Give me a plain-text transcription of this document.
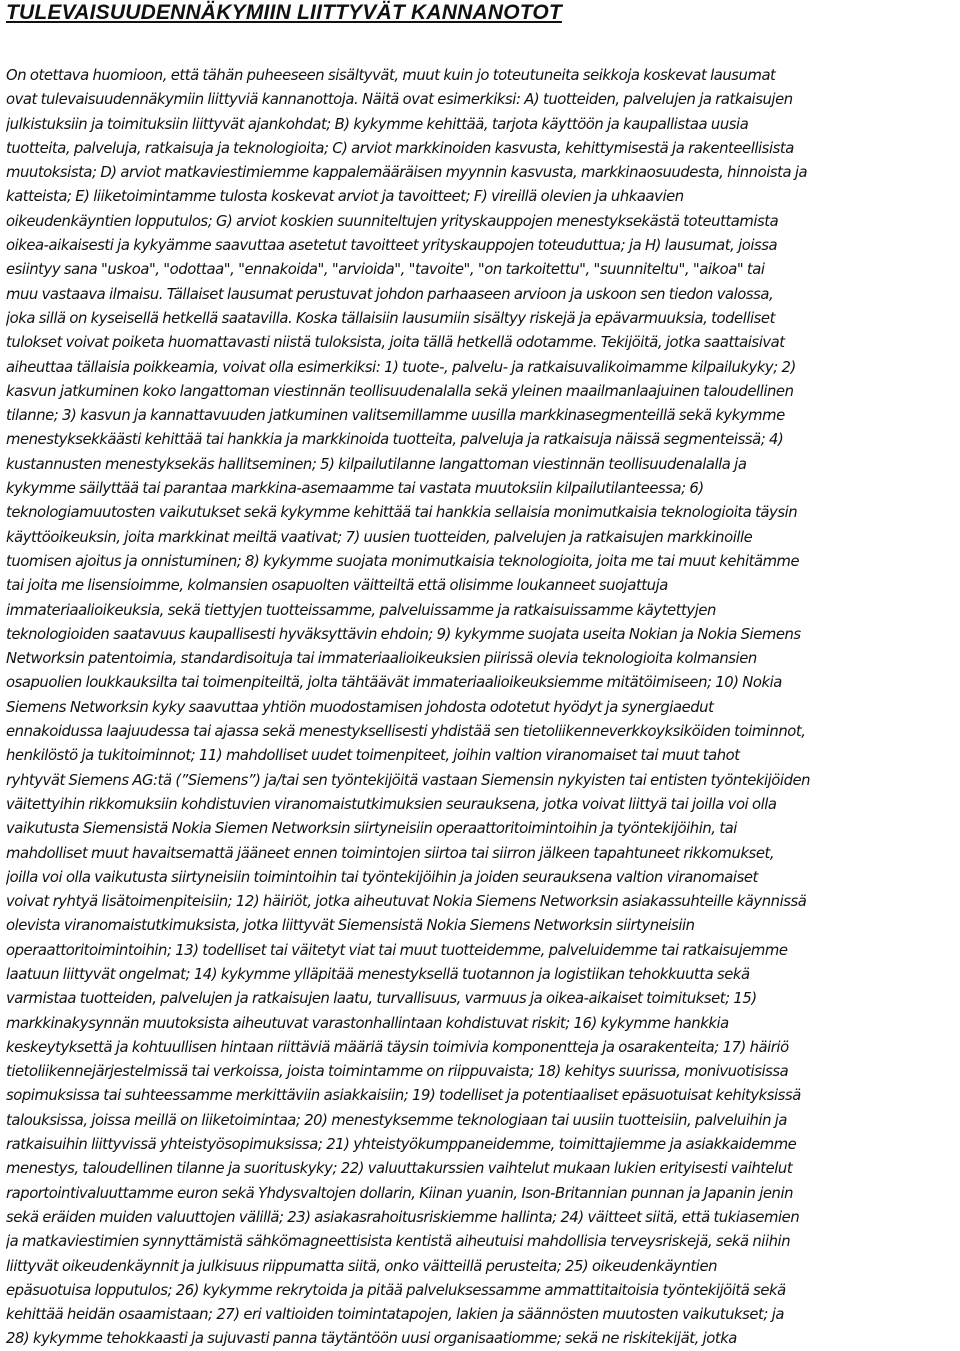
TULEVAISUUDENNÄKYMIIN LIITTYVÄT KANNANOTOT
On otettava huomioon, että tähän puheeseen sisältyvät, muut kuin jo toteutuneita seikkoja koskevat lausumat
ovat tulevaisuudennäkymiin liittyviä kannanottoja. Näitä ovat esimerkiksi: A) tuotteiden, palvelujen ja ratkaisujen
julkistuksiin ja toimituksiin liittyvät ajankohdat; B) kykymme kehittää, tarjota käyttöön ja kaupallistaa uusia
tuotteita, palveluja, ratkaisuja ja teknologioita; C) arviot markkinoiden kasvusta, kehittymisestä ja rakenteellisista
muutoksista; D) arviot matkaviestimiemme kappalemääräisen myynnin kasvusta, markkinaosuudesta, hinnoista ja
katteista; E) liiketoimintamme tulosta koskevat arviot ja tavoitteet; F) vireillä olevien ja uhkaavien
oikeudenkäyntien lopputulos; G) arviot koskien suunniteltujen yrityskauppojen menestyksekästä toteuttamista
oikea-aikaisesti ja kykyämme saavuttaa asetetut tavoitteet yrityskauppojen toteuduttua; ja H) lausumat, joissa
esiintyy sana "uskoa", "odottaa", "ennakoida", "arvioida", "tavoite", "on tarkoitettu", "suunniteltu", "aikoa" tai
muu vastaava ilmaisu. Tällaiset lausumat perustuvat johdon parhaaseen arvioon ja uskoon sen tiedon valossa,
joka sillä on kyseisellä hetkellä saatavilla. Koska tällaisiin lausumiin sisältyy riskejä ja epävarmuuksia, todelliset
tulokset voivat poiketa huomattavasti niistä tuloksista, joita tällä hetkellä odotamme. Tekijöitä, jotka saattaisivat
aiheuttaa tällaisia poikkeamia, voivat olla esimerkiksi: 1) tuote-, palvelu- ja ratkaisuvalikoimamme kilpailukyky; 2)
kasvun jatkuminen koko langattoman viestinnän teollisuudenalalla sekä yleinen maailmanlaajuinen taloudellinen
tilanne; 3) kasvun ja kannattavuuden jatkuminen valitsemillamme uusilla markkinasegmenteillä sekä kykymme
menestyksekkäästi kehittää tai hankkia ja markkinoida tuotteita, palveluja ja ratkaisuja näissä segmenteissä; 4)
kustannusten menestyksekäs hallitseminen; 5) kilpailutilanne langattoman viestinnän teollisuudenalalla ja
kykymme säilyttää tai parantaa markkina-asemaamme tai vastata muutoksiin kilpailutilanteessa; 6)
teknologiamuutosten vaikutukset sekä kykymme kehittää tai hankkia sellaisia monimutkaisia teknologioita täysin
käyttöoikeuksin, joita markkinat meiltä vaativat; 7) uusien tuotteiden, palvelujen ja ratkaisujen markkinoille
tuomisen ajoitus ja onnistuminen; 8) kykymme suojata monimutkaisia teknologioita, joita me tai muut kehitämme
tai joita me lisensioimme, kolmansien osapuolten väitteiltä että olisimme loukanneet suojattuja
immateriaalioikeuksia, sekä tiettyjen tuotteissamme, palveluissamme ja ratkaisuissamme käytettyjen
teknologioiden saatavuus kaupallisesti hyväksyttävin ehdoin; 9) kykymme suojata useita Nokian ja Nokia Siemens
Networksin patentoimia, standardisoituja tai immateriaalioikeuksien piirissä olevia teknologioita kolmansien
osapuolien loukkauksilta tai toimenpiteiltä, jolta tähtäävät immateriaalioikeuksiemme mitätöimiseen; 10) Nokia
Siemens Networksin kyky saavuttaa yhtiön muodostamisen johdosta odotetut hyödyt ja synergiaedut
ennakoidussa laajuudessa tai ajassa sekä menestyksellisesti yhdistää sen tietoliikenneverkkoyksiköiden toiminnot,
henkilöstö ja tukitoiminnot; 11) mahdolliset uudet toimenpiteet, joihin valtion viranomaiset tai muut tahot
ryhtyvät Siemens AG:tä (”Siemens”) ja/tai sen työntekijöitä vastaan Siemensin nykyisten tai entisten työntekijöiden
väitettyihin rikkomuksiin kohdistuvien viranomaistutkimuksien seurauksena, jotka voivat liittyä tai joilla voi olla
vaikutusta Siemensistä Nokia Siemen Networksin siirtyneisiin operaattoritoimintoihin ja työntekijöihin, tai
mahdolliset muut havaitsemattä jääneet ennen toimintojen siirtoa tai siirron jälkeen tapahtuneet rikkomukset,
joilla voi olla vaikutusta siirtyneisiin toimintoihin tai työntekijöihin ja joiden seurauksena valtion viranomaiset
voivat ryhtyä lisätoimenpiteisiin; 12) häiriöt, jotka aiheutuvat Nokia Siemens Networksin asiakassuhteille käynnissä
olevista viranomaistutkimuksista, jotka liittyvät Siemensistä Nokia Siemens Networksin siirtyneisiin
operaattoritoimintoihin; 13) todelliset tai väitetyt viat tai muut tuotteidemme, palveluidemme tai ratkaisujemme
laatuun liittyvät ongelmat; 14) kykymme ylläpitää menestyksellä tuotannon ja logistiikan tehokkuutta sekä
varmistaa tuotteiden, palvelujen ja ratkaisujen laatu, turvallisuus, varmuus ja oikea-aikaiset toimitukset; 15)
markkinakysynnän muutoksista aiheutuvat varastonhallintaan kohdistuvat riskit; 16) kykymme hankkia
keskeytyksettä ja kohtuullisen hintaan riittäviä määriä täysin toimivia komponentteja ja osarakenteita; 17) häiriö
tietoliikennejärjestelmissä tai verkoissa, joista toimintamme on riippuvaista; 18) kehitys suurissa, monivuotisissa
sopimuksissa tai suhteessamme merkittäviin asiakkaisiin; 19) todelliset ja potentiaaliset epäsuotuisat kehityksissä
talouksissa, joissa meillä on liiketoimintaa; 20) menestyksemme teknologiaan tai uusiin tuotteisiin, palveluihin ja
ratkaisuihin liittyvissä yhteistyösopimuksissa; 21) yhteistyökumppaneidemme, toimittajiemme ja asiakkaidemme
menestys, taloudellinen tilanne ja suorituskyky; 22) valuuttakurssien vaihtelut mukaan lukien erityisesti vaihtelut
raportointivaluuttamme euron sekä Yhdysvaltojen dollarin, Kiinan yuanin, Ison-Britannian punnan ja Japanin jenin
sekä eräiden muiden valuuttojen välillä; 23) asiakasrahoitusriskiemme hallinta; 24) väitteet siitä, että tukiasemien
ja matkaviestimien synnyttämistä sähkömagneettisista kentistä aiheutuisi mahdollisia terveysriskejä, sekä niihin
liittyvät oikeudenkäynnit ja julkisuus riippumatta siitä, onko väitteillä perusteita; 25) oikeudenkäyntien
epäsuotuisa lopputulos; 26) kykymme rekrytoida ja pitää palveluksessamme ammattitaitoisia työntekijöitä sekä
kehittää heidän osaamistaan; 27) eri valtioiden toimintatapojen, lakien ja säännösten muutosten vaikutukset; ja
28) kykymme tehokkaasti ja sujuvasti panna täytäntöön uusi organisaatiomme; sekä ne riskitekijät, jotka
